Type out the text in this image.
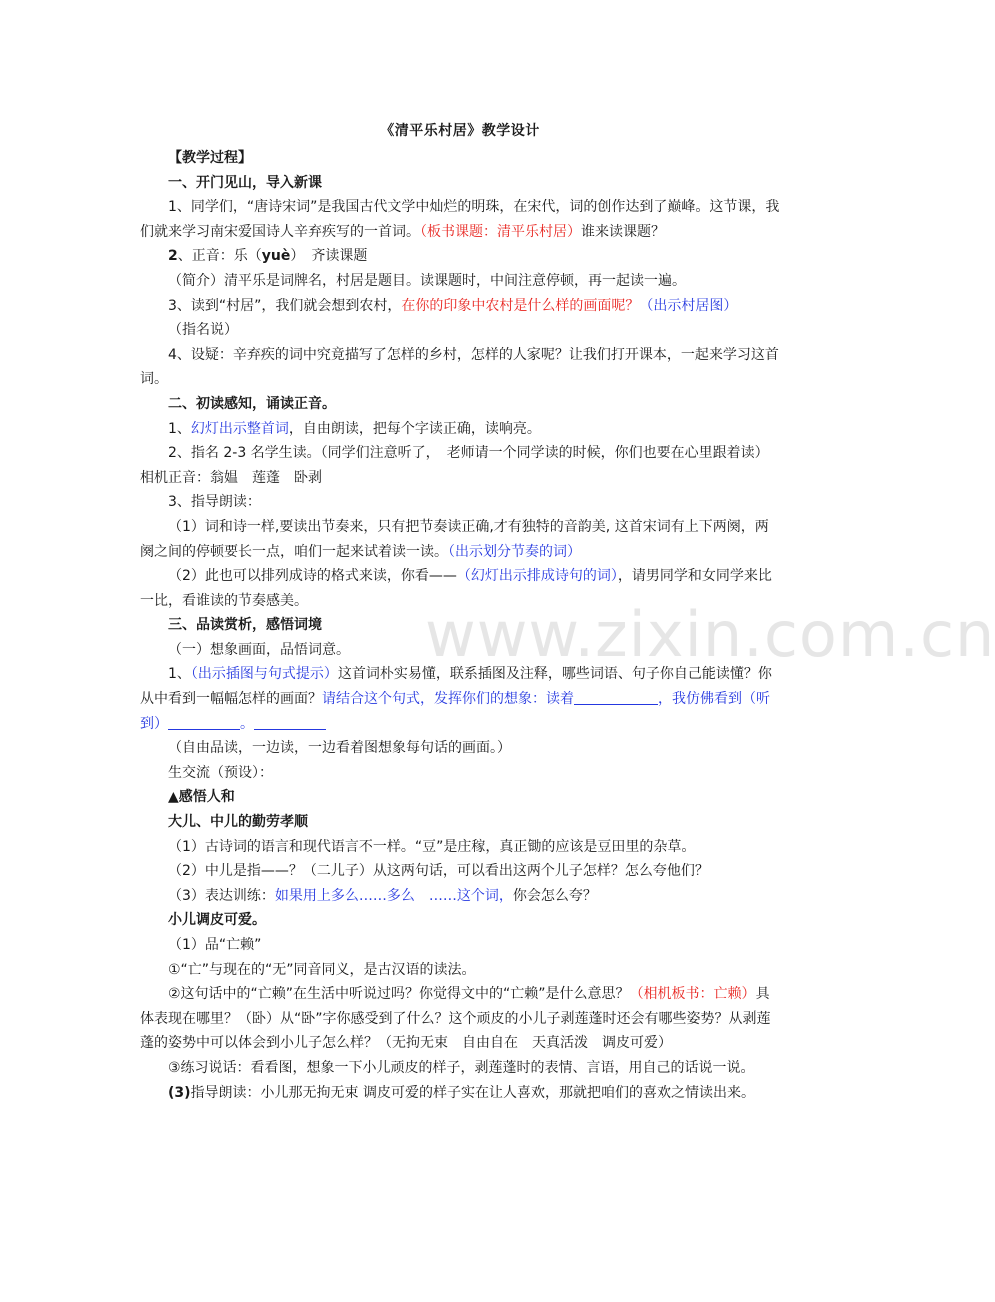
www.zixin.com.cn
《清平乐村居》教学设计

【教学过程】

一、开门见山，导入新课

1、同学们，“唐诗宋词”是我国古代文学中灿烂的明珠，在宋代，词的创作达到了巅峰。这节课，我们就来学习南宋爱国诗人辛弃疾写的一首词。（板书课题：清平乐村居）谁来读课题？

2、正音：乐（yuè）　齐读课题

（简介）清平乐是词牌名，村居是题目。读课题时，中间注意停顿，再一起读一遍。

3、读到“村居”，我们就会想到农村，在你的印象中农村是什么样的画面呢？（出示村居图）

（指名说）

4、设疑：辛弃疾的词中究竟描写了怎样的乡村，怎样的人家呢？让我们打开课本，一起来学习这首词。

二、初读感知，诵读正音。

1、幻灯出示整首词，自由朗读，把每个字读正确，读响亮。

2、指名 2-3 名学生读。（同学们注意听了，　老师请一个同学读的时候，你们也要在心里跟着读）相机正音：翁媪　莲蓬　卧剥

3、指导朗读：

（1）词和诗一样,要读出节奏来，只有把节奏读正确,才有独特的音韵美, 这首宋词有上下两阕，两阕之间的停顿要长一点，咱们一起来试着读一读。（出示划分节奏的词）

（2）此也可以排列成诗的格式来读，你看——（幻灯出示排成诗句的词），请男同学和女同学来比一比，看谁读的节奏感美。

三、品读赏析，感悟词境

（一）想象画面，品悟词意。

1、（出示插图与句式提示）这首词朴实易懂，联系插图及注释，哪些词语、句子你自己能读懂？你从中看到一幅幅怎样的画面？请结合这个句式，发挥你们的想象：读着	，我仿佛看到（听到）	。

（自由品读，一边读，一边看着图想象每句话的画面。）

生交流（预设）：

▲感悟人和

大儿、中儿的勤劳孝顺

（1）古诗词的语言和现代语言不一样。“豆”是庄稼，真正锄的应该是豆田里的杂草。

（2）中儿是指——？（二儿子）从这两句话，可以看出这两个儿子怎样？怎么夸他们？

（3）表达训练：如果用上多么……多么　……这个词，你会怎么夸？

小儿调皮可爱。

（1）品“亡赖”

①“亡”与现在的“无”同音同义，是古汉语的读法。

②这句话中的“亡赖”在生活中听说过吗？你觉得文中的“亡赖”是什么意思？（相机板书：亡赖）具体表现在哪里？（卧）从“卧”字你感受到了什么？这个顽皮的小儿子剥莲蓬时还会有哪些姿势？从剥莲蓬的姿势中可以体会到小儿子怎么样？（无拘无束　自由自在　天真活泼　调皮可爱）

③练习说话：看看图，想象一下小儿顽皮的样子，剥莲蓬时的表情、言语，用自己的话说一说。

(3)指导朗读：小儿那无拘无束 调皮可爱的样子实在让人喜欢，那就把咱们的喜欢之情读出来。
